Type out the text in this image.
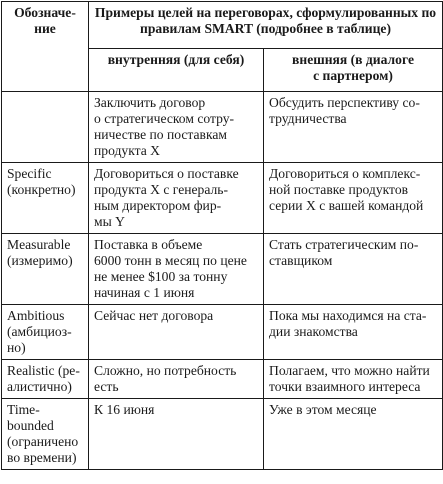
Обозначе-
ние	Примеры целей на переговорах, сформулированных по правилам SMART (подробнее в таблице)	

	внутренняя (для себя)	внешняя (в диалоге
с партнером)

	Заключить договор
о стратегическом сотру-
ничестве по поставкам
продукта X	Обсудить перспективу со-
трудничества

Specific
(конкретно)	Договориться о поставке
продукта X с генераль-
ным директором фир-
мы Y	Договориться о комплекс-
ной поставке продуктов
серии X с вашей командой

Measurable
(измеримо)	Поставка в объеме
6000 тонн в месяц по цене
не менее $100 за тонну
начиная с 1 июня	Стать стратегическим по-
ставщиком

Ambitious
(амбициоз-
но)	Сейчас нет договора	Пока мы находимся на ста-
дии знакомства

Realistic (ре-
алистично)	Сложно, но потребность
есть	Полагаем, что можно найти
точки взаимного интереса

Time-
bounded
(ограничено
во времени)	К 16 июня	Уже в этом месяце
